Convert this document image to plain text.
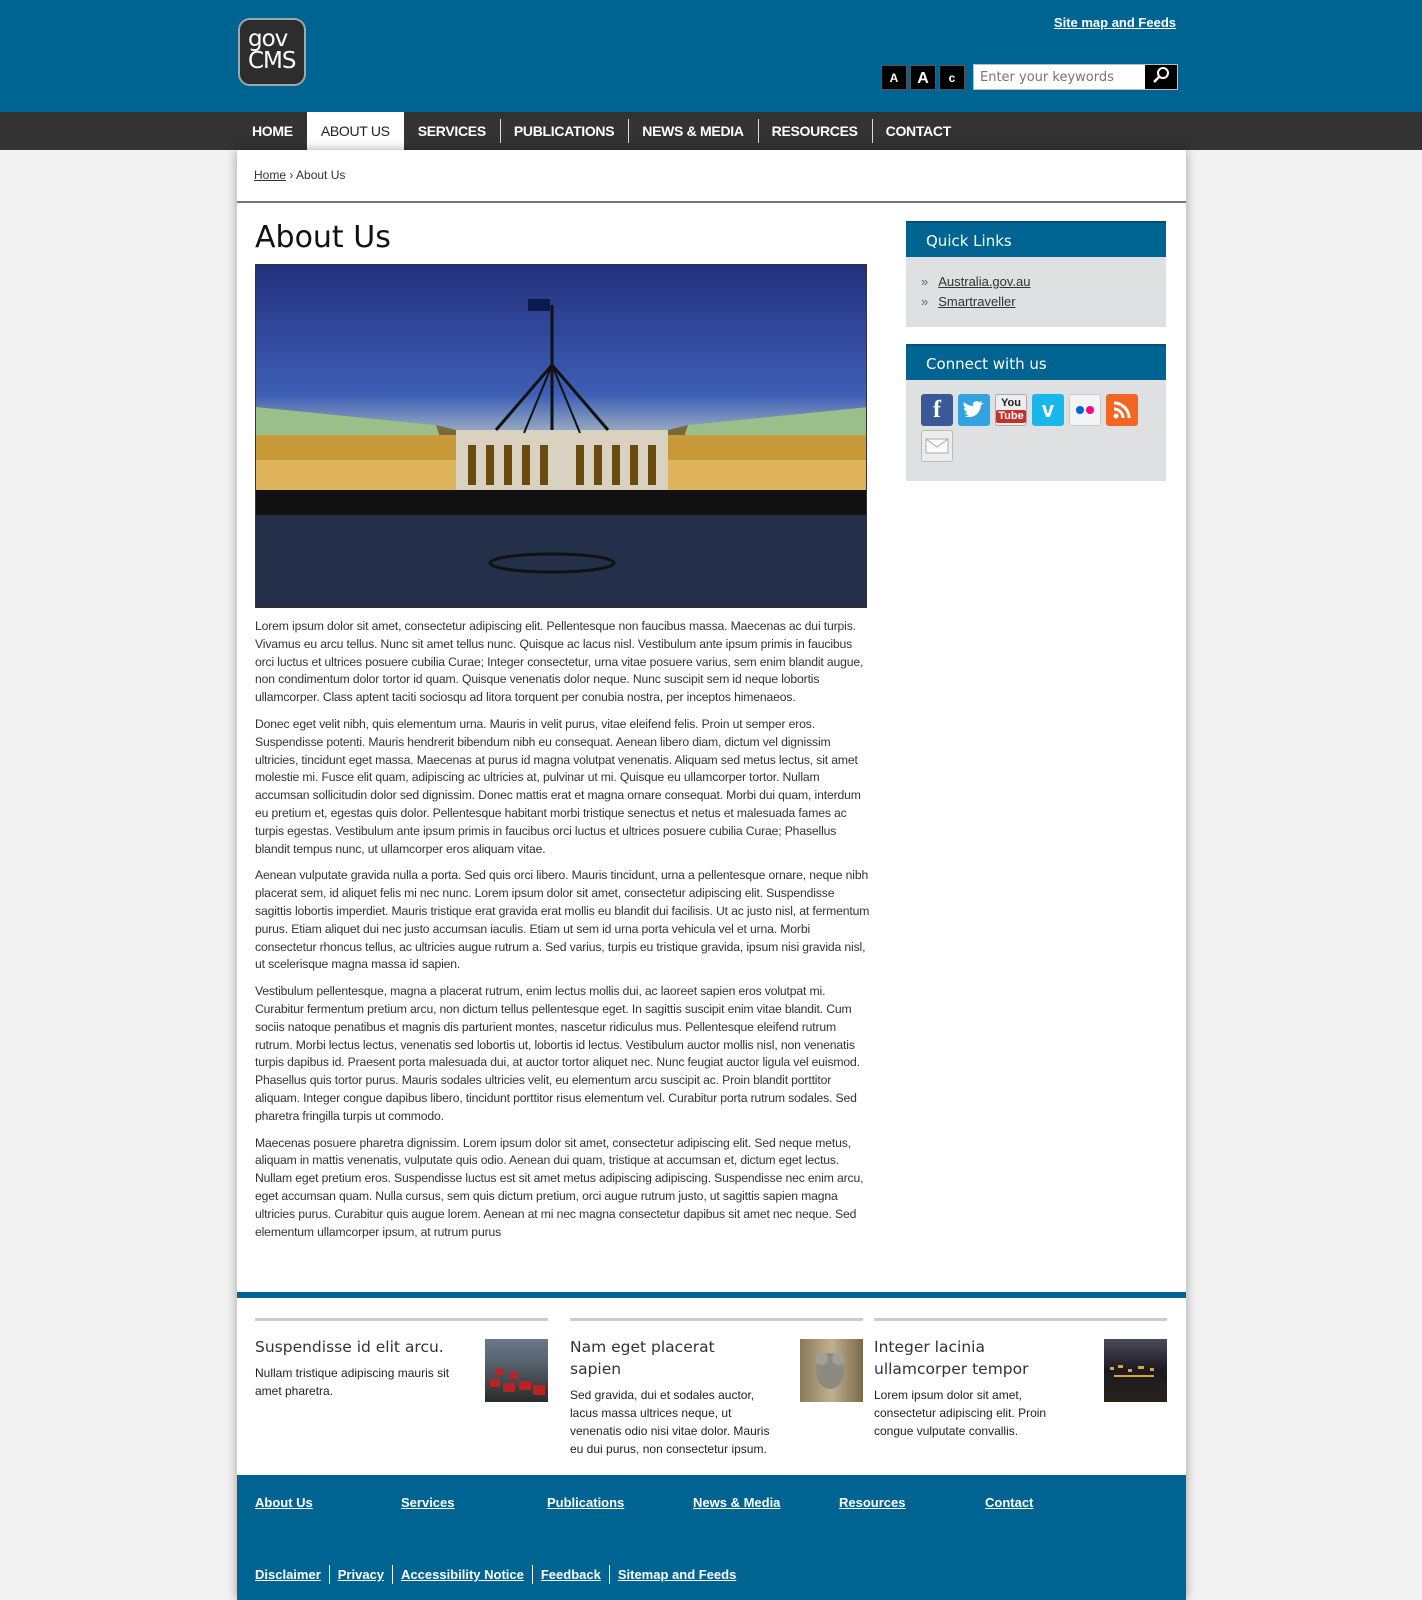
gov
CMS
Site map and Feeds
A	A	c
Enter your keywords
HOME	ABOUT US	SERVICES	PUBLICATIONS	NEWS & MEDIA	RESOURCES	CONTACT
Home › About Us
About Us

Lorem ipsum dolor sit amet, consectetur adipiscing elit. Pellentesque non faucibus massa. Maecenas ac dui turpis. Vivamus eu arcu tellus. Nunc sit amet tellus nunc. Quisque ac lacus nisl. Vestibulum ante ipsum primis in faucibus orci luctus et ultrices posuere cubilia Curae; Integer consectetur, urna vitae posuere varius, sem enim blandit augue, non condimentum dolor tortor id quam. Quisque venenatis dolor neque. Nunc suscipit sem id neque lobortis ullamcorper. Class aptent taciti sociosqu ad litora torquent per conubia nostra, per inceptos himenaeos.

Donec eget velit nibh, quis elementum urna. Mauris in velit purus, vitae eleifend felis. Proin ut semper eros. Suspendisse potenti. Mauris hendrerit bibendum nibh eu consequat. Aenean libero diam, dictum vel dignissim ultricies, tincidunt eget massa. Maecenas at purus id magna volutpat venenatis. Aliquam sed metus lectus, sit amet molestie mi. Fusce elit quam, adipiscing ac ultricies at, pulvinar ut mi. Quisque eu ullamcorper tortor. Nullam accumsan sollicitudin dolor sed dignissim. Donec mattis erat et magna ornare consequat. Morbi dui quam, interdum eu pretium et, egestas quis dolor. Pellentesque habitant morbi tristique senectus et netus et malesuada fames ac turpis egestas. Vestibulum ante ipsum primis in faucibus orci luctus et ultrices posuere cubilia Curae; Phasellus blandit tempus nunc, ut ullamcorper eros aliquam vitae.

Aenean vulputate gravida nulla a porta. Sed quis orci libero. Mauris tincidunt, urna a pellentesque ornare, neque nibh placerat sem, id aliquet felis mi nec nunc. Lorem ipsum dolor sit amet, consectetur adipiscing elit. Suspendisse sagittis lobortis imperdiet. Mauris tristique erat gravida erat mollis eu blandit dui facilisis. Ut ac justo nisl, at fermentum purus. Etiam aliquet dui nec justo accumsan iaculis. Etiam ut sem id urna porta vehicula vel et urna. Morbi consectetur rhoncus tellus, ac ultricies augue rutrum a. Sed varius, turpis eu tristique gravida, ipsum nisi gravida nisl, ut scelerisque magna massa id sapien.

Vestibulum pellentesque, magna a placerat rutrum, enim lectus mollis dui, ac laoreet sapien eros volutpat mi. Curabitur fermentum pretium arcu, non dictum tellus pellentesque eget. In sagittis suscipit enim vitae blandit. Cum sociis natoque penatibus et magnis dis parturient montes, nascetur ridiculus mus. Pellentesque eleifend rutrum rutrum. Morbi lectus lectus, venenatis sed lobortis ut, lobortis id lectus. Vestibulum auctor mollis nisl, non venenatis turpis dapibus id. Praesent porta malesuada dui, at auctor tortor aliquet nec. Nunc feugiat auctor ligula vel euismod. Phasellus quis tortor purus. Mauris sodales ultricies velit, eu elementum arcu suscipit ac. Proin blandit porttitor aliquam. Integer congue dapibus libero, tincidunt porttitor risus elementum vel. Curabitur porta rutrum sodales. Sed pharetra fringilla turpis ut commodo.

Maecenas posuere pharetra dignissim. Lorem ipsum dolor sit amet, consectetur adipiscing elit. Sed neque metus, aliquam in mattis venenatis, vulputate quis odio. Aenean dui quam, tristique at accumsan et, dictum eget lectus. Nullam eget pretium eros. Suspendisse luctus est sit amet metus adipiscing adipiscing. Suspendisse nec enim arcu, eget accumsan quam. Nulla cursus, sem quis dictum pretium, orci augue rutrum justo, ut sagittis sapien magna ultricies purus. Curabitur quis augue lorem. Aenean at mi nec magna consectetur dapibus sit amet nec neque. Sed elementum ullamcorper ipsum, at rutrum purus

Quick Links
» Australia.gov.au
» Smartraveller
Connect with us
f	You
Tube v
Suspendisse id elit arcu.

Nullam tristique adipiscing mauris sit amet pharetra.

Nam eget placerat sapien

Sed gravida, dui et sodales auctor, lacus massa ultrices neque, ut venenatis odio nisi vitae dolor. Mauris eu dui purus, non consectetur ipsum.

Integer lacinia ullamcorper tempor

Lorem ipsum dolor sit amet, consectetur adipiscing elit. Proin congue vulputate convallis.

About Us	Services	Publications	News & Media	Resources	Contact
Disclaimer	Privacy	Accessibility Notice	Feedback	Sitemap and Feeds
